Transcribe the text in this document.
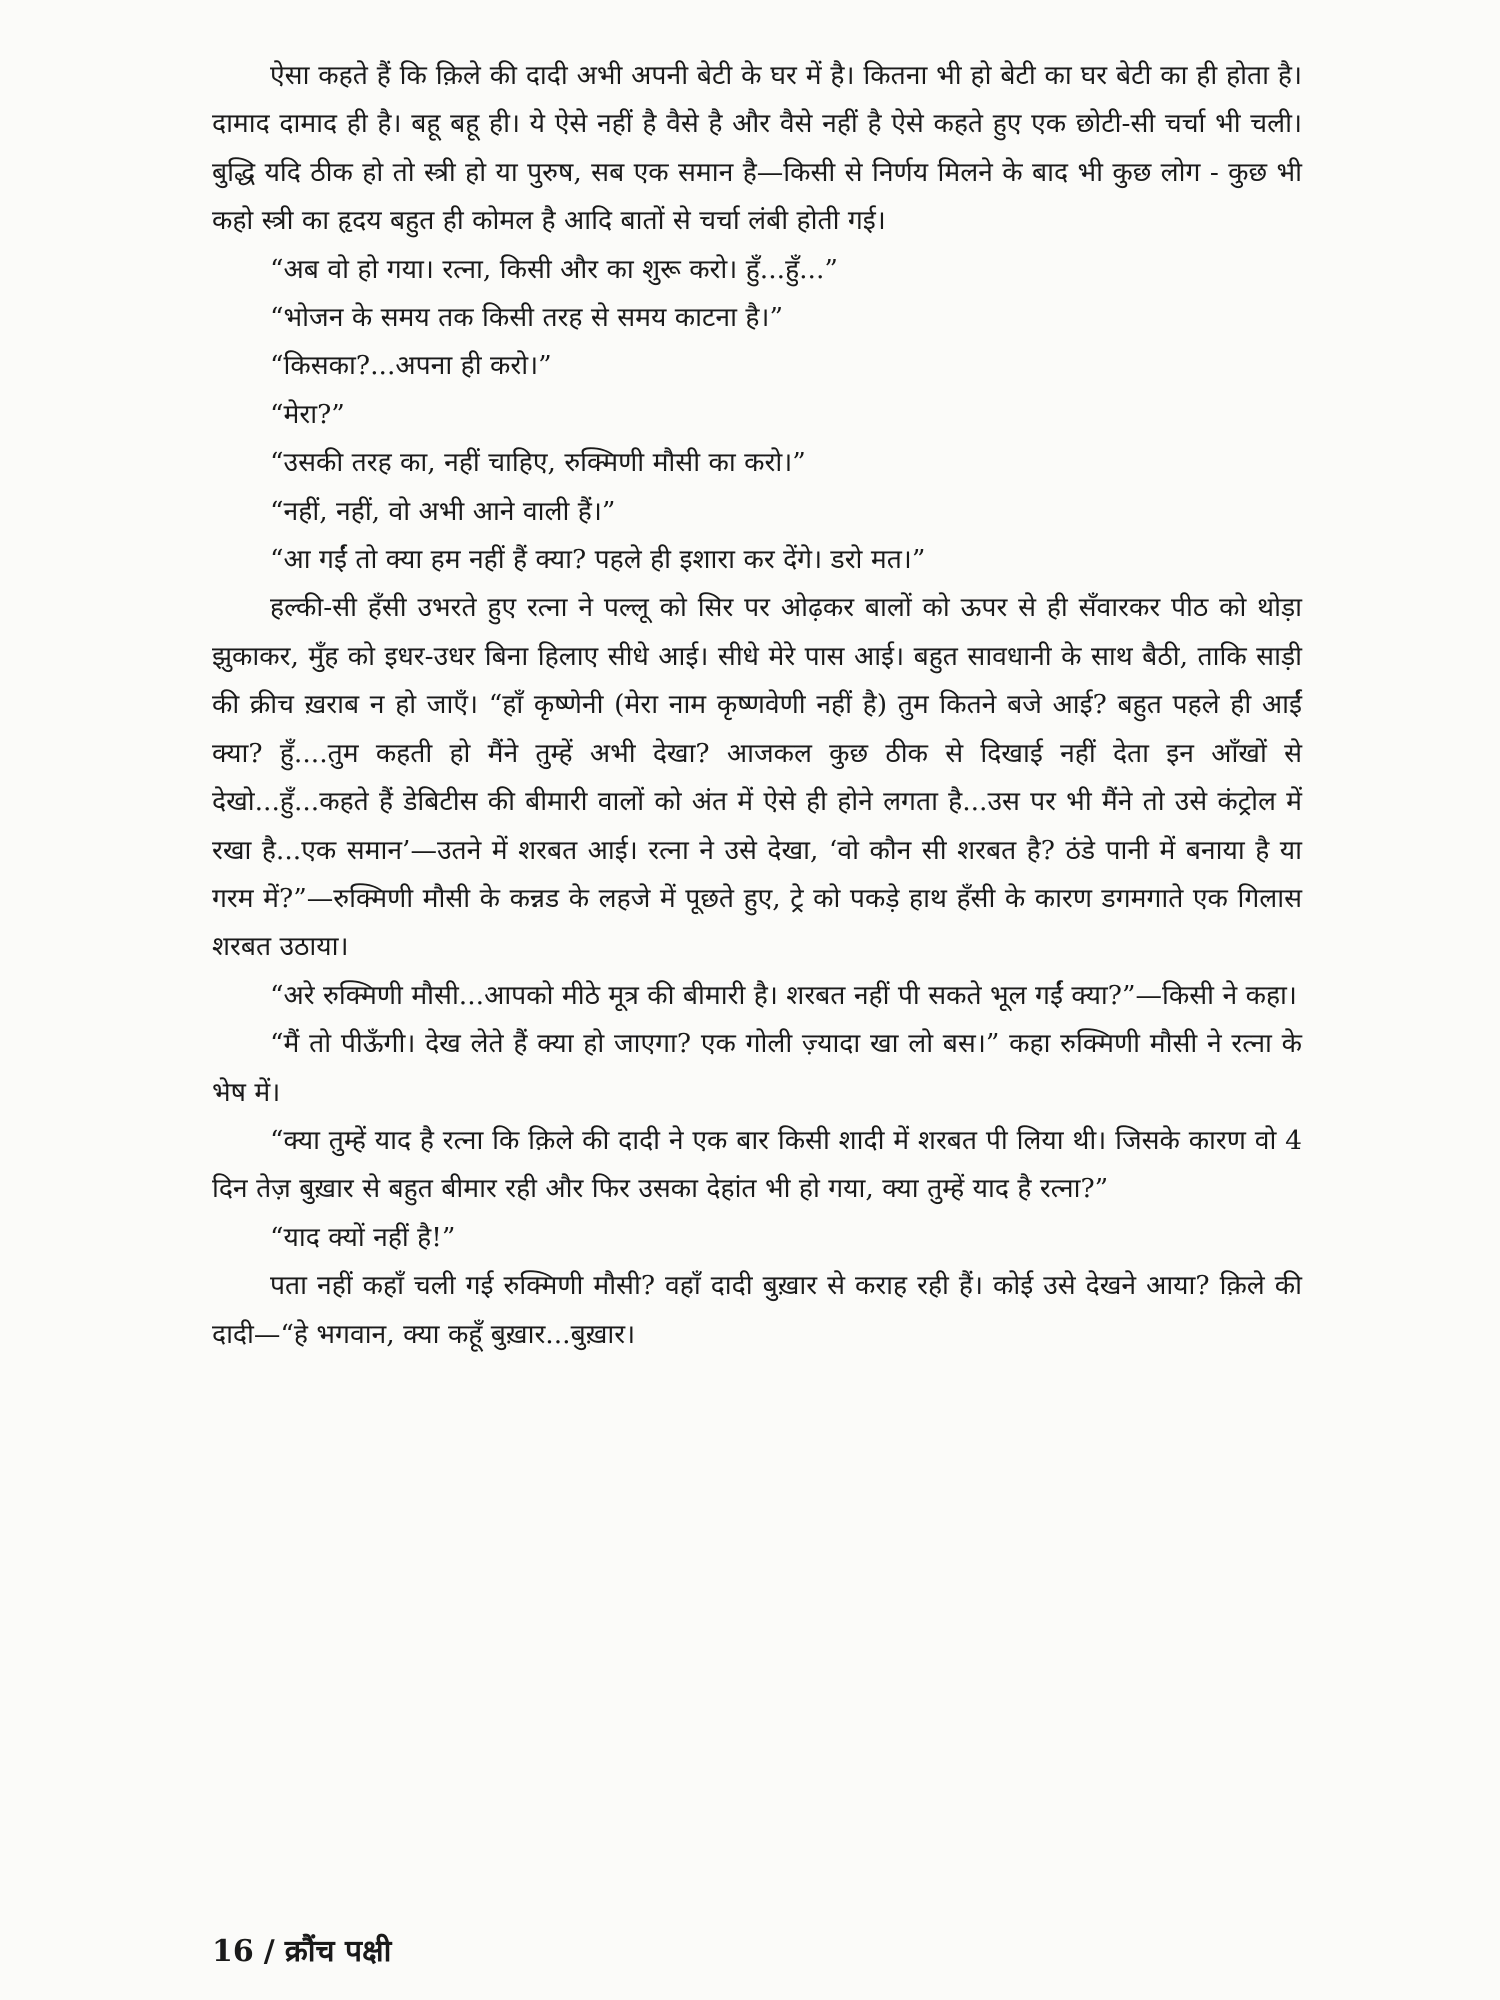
ऐसा कहते हैं कि क़िले की दादी अभी अपनी बेटी के घर में है। कितना भी हो बेटी का घर बेटी का ही होता है। दामाद दामाद ही है। बहू बहू ही। ये ऐसे नहीं है वैसे है और वैसे नहीं है ऐसे कहते हुए एक छोटी-सी चर्चा भी चली। बुद्धि यदि ठीक हो तो स्त्री हो या पुरुष, सब एक समान है—किसी से निर्णय मिलने के बाद भी कुछ लोग - कुछ भी कहो स्त्री का हृदय बहुत ही कोमल है आदि बातों से चर्चा लंबी होती गई।

“अब वो हो गया। रत्ना, किसी और का शुरू करो। हुँ...हुँ...”

“भोजन के समय तक किसी तरह से समय काटना है।”

“किसका?...अपना ही करो।”

“मेरा?”

“उसकी तरह का, नहीं चाहिए, रुक्मिणी मौसी का करो।”

“नहीं, नहीं, वो अभी आने वाली हैं।”

“आ गईं तो क्या हम नहीं हैं क्या? पहले ही इशारा कर देंगे। डरो मत।”

हल्की-सी हँसी उभरते हुए रत्ना ने पल्लू को सिर पर ओढ़कर बालों को ऊपर से ही सँवारकर पीठ को थोड़ा झुकाकर, मुँह को इधर-उधर बिना हिलाए सीधे आई। सीधे मेरे पास आई। बहुत सावधानी के साथ बैठी, ताकि साड़ी की क्रीच ख़राब न हो जाएँ। “हाँ कृष्णेनी (मेरा नाम कृष्णवेणी नहीं है) तुम कितने बजे आई? बहुत पहले ही आईं क्या? हुँ....तुम कहती हो मैंने तुम्हें अभी देखा? आजकल कुछ ठीक से दिखाई नहीं देता इन आँखों से देखो...हुँ...कहते हैं डेबिटीस की बीमारी वालों को अंत में ऐसे ही होने लगता है...उस पर भी मैंने तो उसे कंट्रोल में रखा है...एक समान’—उतने में शरबत आई। रत्ना ने उसे देखा, ‘वो कौन सी शरबत है? ठंडे पानी में बनाया है या गरम में?”—रुक्मिणी मौसी के कन्नड के लहजे में पूछते हुए, ट्रे को पकड़े हाथ हँसी के कारण डगमगाते एक गिलास शरबत उठाया।

“अरे रुक्मिणी मौसी...आपको मीठे मूत्र की बीमारी है। शरबत नहीं पी सकते भूल गईं क्या?”—किसी ने कहा।

“मैं तो पीऊँगी। देख लेते हैं क्या हो जाएगा? एक गोली ज़्यादा खा लो बस।” कहा रुक्मिणी मौसी ने रत्ना के भेष में।

“क्या तुम्हें याद है रत्ना कि क़िले की दादी ने एक बार किसी शादी में शरबत पी लिया थी। जिसके कारण वो 4 दिन तेज़ बुख़ार से बहुत बीमार रही और फिर उसका देहांत भी हो गया, क्या तुम्हें याद है रत्ना?”

“याद क्यों नहीं है!”

पता नहीं कहाँ चली गई रुक्मिणी मौसी? वहाँ दादी बुख़ार से कराह रही हैं। कोई उसे देखने आया? क़िले की दादी—“हे भगवान, क्या कहूँ बुख़ार...बुख़ार।

16 / क्रौंच पक्षी
